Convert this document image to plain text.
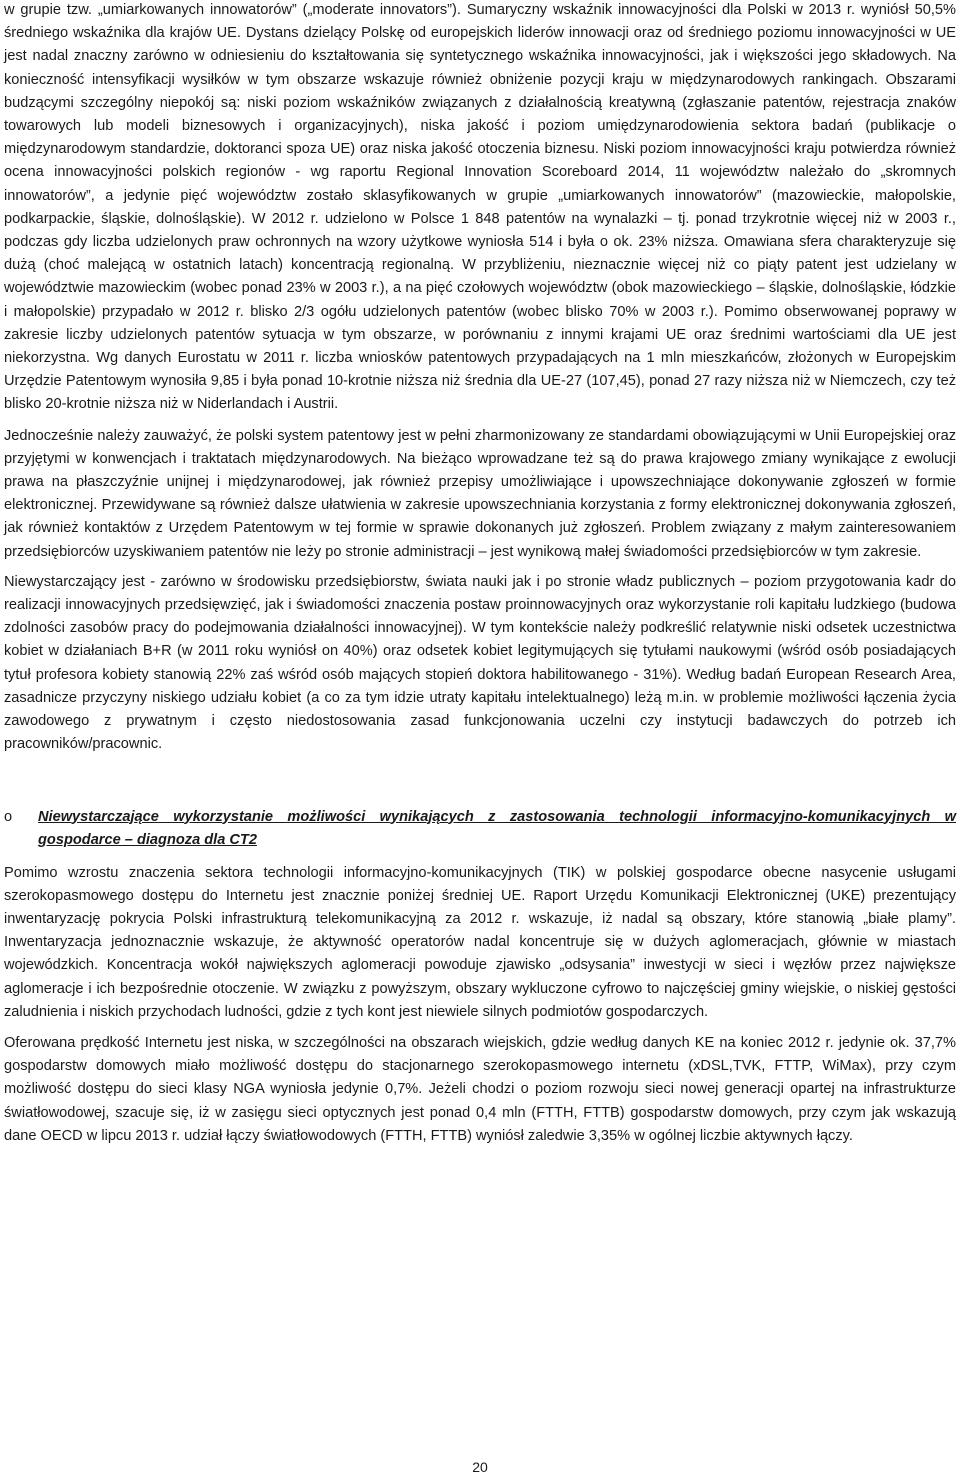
w grupie tzw. „umiarkowanych innowatorów” („moderate innovators”). Sumaryczny wskaźnik innowacyjności dla Polski w 2013 r. wyniósł 50,5% średniego wskaźnika dla krajów UE. Dystans dzielący Polskę od europejskich liderów innowacji oraz od średniego poziomu innowacyjności w UE jest nadal znaczny zarówno w odniesieniu do kształtowania się syntetycznego wskaźnika innowacyjności, jak i większości jego składowych. Na konieczność intensyfikacji wysiłków w tym obszarze wskazuje również obniżenie pozycji kraju w międzynarodowych rankingach. Obszarami budzącymi szczególny niepokój są: niski poziom wskaźników związanych z działalnością kreatywną (zgłaszanie patentów, rejestracja znaków towarowych lub modeli biznesowych i organizacyjnych), niska jakość i poziom umiędzynarodowienia sektora badań (publikacje o międzynarodowym standardzie, doktoranci spoza UE) oraz niska jakość otoczenia biznesu. Niski poziom innowacyjności kraju potwierdza również ocena innowacyjności polskich regionów - wg raportu Regional Innovation Scoreboard 2014, 11 województw należało do „skromnych innowatorów”, a jedynie pięć województw zostało sklasyfikowanych w grupie „umiarkowanych innowatorów” (mazowieckie, małopolskie, podkarpackie, śląskie, dolnośląskie). W 2012 r. udzielono w Polsce 1 848 patentów na wynalazki – tj. ponad trzykrotnie więcej niż w 2003 r., podczas gdy liczba udzielonych praw ochronnych na wzory użytkowe wyniosła 514 i była o ok. 23% niższa. Omawiana sfera charakteryzuje się dużą (choć malejącą w ostatnich latach) koncentracją regionalną. W przybliżeniu, nieznacznie więcej niż co piąty patent jest udzielany w województwie mazowieckim (wobec ponad 23% w 2003 r.), a na pięć czołowych województw (obok mazowieckiego – śląskie, dolnośląskie, łódzkie i małopolskie) przypadało w 2012 r. blisko 2/3 ogółu udzielonych patentów (wobec blisko 70% w 2003 r.). Pomimo obserwowanej poprawy w zakresie liczby udzielonych patentów sytuacja w tym obszarze, w porównaniu z innymi krajami UE oraz średnimi wartościami dla UE jest niekorzystna. Wg danych Eurostatu w 2011 r. liczba wniosków patentowych przypadających na 1 mln mieszkańców, złożonych w Europejskim Urzędzie Patentowym wynosiła 9,85 i była ponad 10-krotnie niższa niż średnia dla UE-27 (107,45), ponad 27 razy niższa niż w Niemczech, czy też blisko 20-krotnie niższa niż w Niderlandach i Austrii.

Jednocześnie należy zauważyć, że polski system patentowy jest w pełni zharmonizowany ze standardami obowiązującymi w Unii Europejskiej oraz przyjętymi w konwencjach i traktatach międzynarodowych. Na bieżąco wprowadzane też są do prawa krajowego zmiany wynikające z ewolucji prawa na płaszczyźnie unijnej i międzynarodowej, jak również przepisy umożliwiające i upowszechniające dokonywanie zgłoszeń w formie elektronicznej. Przewidywane są również dalsze ułatwienia w zakresie upowszechniania korzystania z formy elektronicznej dokonywania zgłoszeń, jak również kontaktów z Urzędem Patentowym w tej formie w sprawie dokonanych już zgłoszeń. Problem związany z małym zainteresowaniem przedsiębiorców uzyskiwaniem patentów nie leży po stronie administracji – jest wynikową małej świadomości przedsiębiorców w tym zakresie.

Niewystarczający jest - zarówno w środowisku przedsiębiorstw, świata nauki jak i po stronie władz publicznych – poziom przygotowania kadr do realizacji innowacyjnych przedsięwzięć, jak i świadomości znaczenia postaw proinnowacyjnych oraz wykorzystanie roli kapitału ludzkiego (budowa zdolności zasobów pracy do podejmowania działalności innowacyjnej). W tym kontekście należy podkreślić relatywnie niski odsetek uczestnictwa kobiet w działaniach B+R (w 2011 roku wyniósł on 40%) oraz odsetek kobiet legitymujących się tytułami naukowymi (wśród osób posiadających tytuł profesora kobiety stanowią 22% zaś wśród osób mających stopień doktora habilitowanego - 31%). Według badań European Research Area, zasadnicze przyczyny niskiego udziału kobiet (a co za tym idzie utraty kapitału intelektualnego) leżą m.in. w problemie możliwości łączenia życia zawodowego z prywatnym i często niedostosowania zasad funkcjonowania uczelni czy instytucji badawczych do potrzeb ich pracowników/pracownic.

o Niewystarczające wykorzystanie możliwości wynikających z zastosowania technologii informacyjno-komunikacyjnych w gospodarce – diagnoza dla CT2

Pomimo wzrostu znaczenia sektora technologii informacyjno-komunikacyjnych (TIK) w polskiej gospodarce obecne nasycenie usługami szerokopasmowego dostępu do Internetu jest znacznie poniżej średniej UE. Raport Urzędu Komunikacji Elektronicznej (UKE) prezentujący inwentaryzację pokrycia Polski infrastrukturą telekomunikacyjną za 2012 r. wskazuje, iż nadal są obszary, które stanowią „białe plamy”. Inwentaryzacja jednoznacznie wskazuje, że aktywność operatorów nadal koncentruje się w dużych aglomeracjach, głównie w miastach wojewódzkich. Koncentracja wokół największych aglomeracji powoduje zjawisko „odsysania” inwestycji w sieci i węzłów przez największe aglomeracje i ich bezpośrednie otoczenie. W związku z powyższym, obszary wykluczone cyfrowo to najczęściej gminy wiejskie, o niskiej gęstości zaludnienia i niskich przychodach ludności, gdzie z tych kont jest niewiele silnych podmiotów gospodarczych.

Oferowana prędkość Internetu jest niska, w szczególności na obszarach wiejskich, gdzie według danych KE na koniec 2012 r. jedynie ok. 37,7% gospodarstw domowych miało możliwość dostępu do stacjonarnego szerokopasmowego internetu (xDSL,TVK, FTTP, WiMax), przy czym możliwość dostępu do sieci klasy NGA wyniosła jedynie 0,7%. Jeżeli chodzi o poziom rozwoju sieci nowej generacji opartej na infrastrukturze światłowodowej, szacuje się, iż w zasięgu sieci optycznych jest ponad 0,4 mln (FTTH, FTTB) gospodarstw domowych, przy czym jak wskazują dane OECD w lipcu 2013 r. udział łączy światłowodowych (FTTH, FTTB) wyniósł zaledwie 3,35% w ogólnej liczbie aktywnych łączy.

20
